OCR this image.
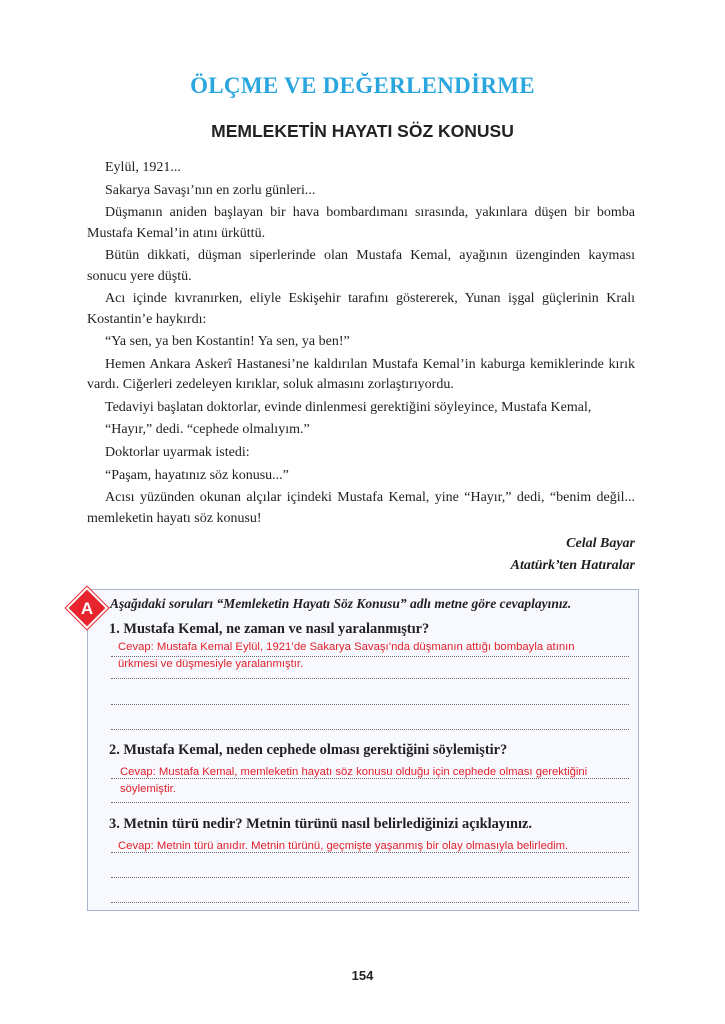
ÖLÇME VE DEĞERLENDİRME
MEMLEKETİN HAYATI SÖZ KONUSU

Eylül, 1921...

Sakarya Savaşı’nın en zorlu günleri...

Düşmanın aniden başlayan bir hava bombardımanı sırasında, yakınlara düşen bir bomba Mustafa Kemal’in atını ürküttü.

Bütün dikkati, düşman siperlerinde olan Mustafa Kemal, ayağının üzenginden kayması sonucu yere düştü.

Acı içinde kıvranırken, eliyle Eskişehir tarafını göstererek, Yunan işgal güçlerinin Kralı Kostantin’e haykırdı:

“Ya sen, ya ben Kostantin! Ya sen, ya ben!”

Hemen Ankara Askerî Hastanesi’ne kaldırılan Mustafa Kemal’in kaburga kemiklerinde kırık vardı. Ciğerleri zedeleyen kırıklar, soluk almasını zorlaştırıyordu.

Tedaviyi başlatan doktorlar, evinde dinlenmesi gerektiğini söyleyince, Mustafa Kemal,

“Hayır,” dedi. “cephede olmalıyım.”

Doktorlar uyarmak istedi:

“Paşam, hayatınız söz konusu...”

Acısı yüzünden okunan alçılar içindeki Mustafa Kemal, yine “Hayır,” dedi, “benim değil... memleketin hayatı söz konusu!

Celal Bayar

Atatürk’ten Hatıralar

A	Aşağıdaki soruları “Memleketin Hayatı Söz Konusu” adlı metne göre cevaplayınız.
1. Mustafa Kemal, ne zaman ve nasıl yaralanmıştır?
Cevap: Mustafa Kemal Eylül, 1921’de Sakarya Savaşı’nda düşmanın attığı bombayla atının
ürkmesi ve düşmesiyle yaralanmıştır.
2. Mustafa Kemal, neden cephede olması gerektiğini söylemiştir?
Cevap: Mustafa Kemal, memleketin hayatı söz konusu olduğu için cephede olması gerektiğini
söylemiştir.
3. Metnin türü nedir? Metnin türünü nasıl belirlediğinizi açıklayınız.
Cevap: Metnin türü anıdır. Metnin türünü, geçmişte yaşanmış bir olay olmasıyla belirledim.
154
